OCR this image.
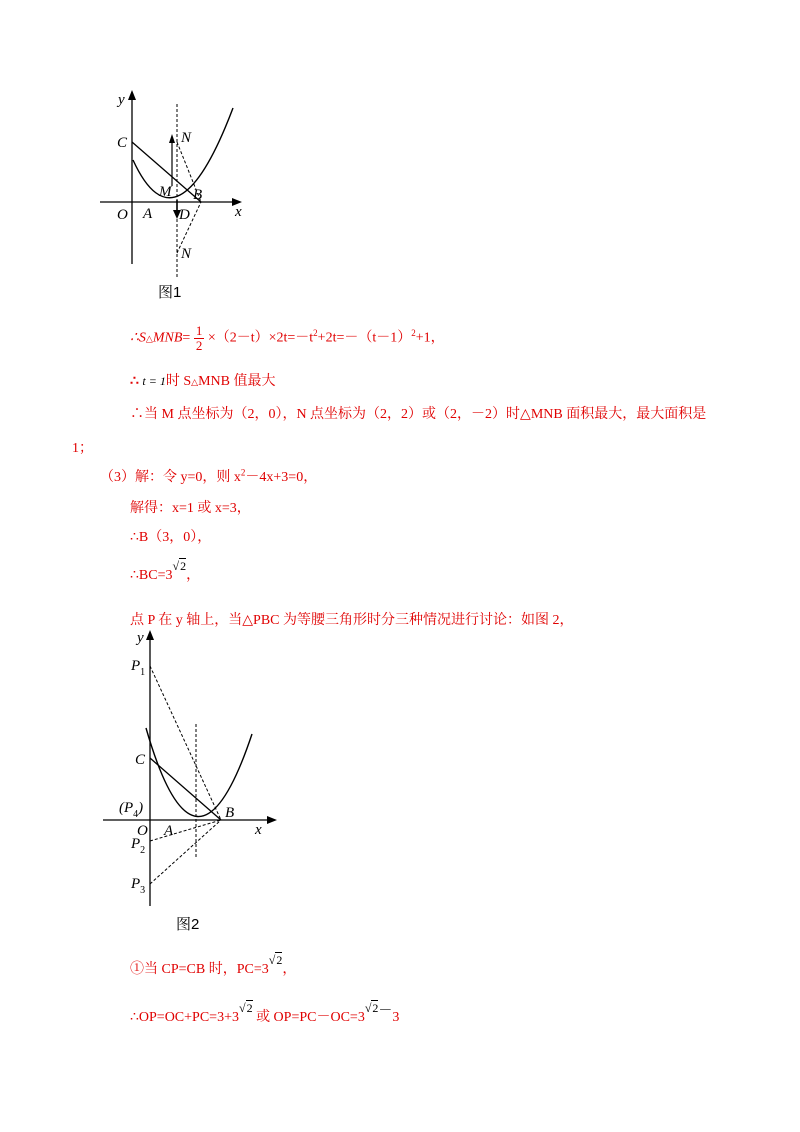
y
x
O A
B
C
D
M
N
N
图1
∴S△MNB= $\frac{1}{2} \times(2-t)\times 2t=-t^2+2t=-(t-1)^2+1$，
∴ t = 1时 S△MNB 值最大
∴当 M 点坐标为（2，0），N 点坐标为（2，2）或（2，－2）时△MNB 面积最大，最大面积是
1；
（3）解：令 y=0，则 $x^2-4x+3=0$，
解得：x=1 或 x=3，
∴B（3，0），
∴BC=3√2，
点 P 在 y 轴上，当△PBC 为等腰三角形时分三种情况进行讨论：如图 2，
y
x
O A
B
C
$P_1$
$P_2$
$P_3$
$(P_4)$
图2
①当 CP=CB 时，PC=3√2，
∴OP=OC+PC=3+3√2 或 OP=PC－OC=3√2－3
